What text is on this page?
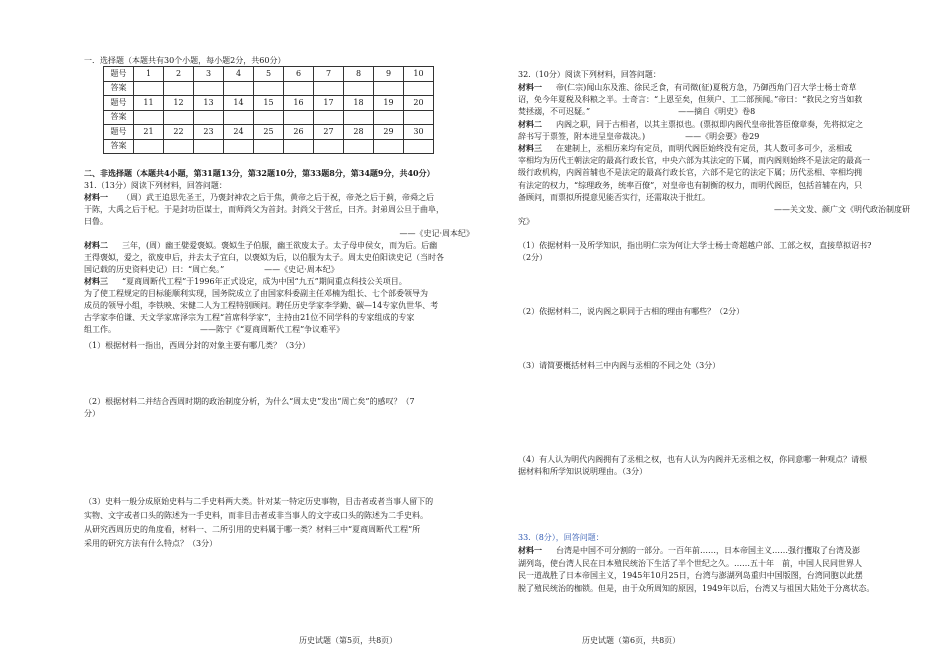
一．选择题（本题共有30个小题，每小题2分，共60分）
题号	1	2	3	4	5	6	7	8	9	10
答案										
题号	11	12	13	14	15	16	17	18	19	20
答案										
题号	21	22	23	24	25	26	27	28	29	30
答案										
二、非选择题（本题共4小题，第31题13分，第32题10分，第33题8分，第34题9分，共40分）
31.（13分）阅读下列材料，回答问题：
材料一 （周）武王追思先圣王，乃褒封神农之后于焦，黄帝之后于祝，帝尧之后于蓟，帝舜之后
于陈，大禹之后于杞。于是封功臣谋士，而师尚父为首封。封尚父于营丘，曰齐。封弟周公旦于曲阜，
曰鲁。
——《史记·周本纪》
材料二 三年，(周）幽王嬖爱褒姒。褒姒生子伯服，幽王欲废太子。太子母申侯女，而为后。后幽
王得褒姒，爱之，欲废申后，并去太子宜臼，以褒姒为后，以伯服为太子。周太史伯阳读史记（当时各
国记载的历史资料史记）曰：“周亡矣。”　　　　　——《史记·周本纪》
材料三 “夏商周断代工程”于1996年正式设定，成为中国“九五”期间重点科技公关项目。
为了使工程规定的目标能顺利实现，国务院成立了由国家科委副主任邓楠为组长、七个部委领导为
成员的领导小组，李铁映、宋健二人为工程特别顾问。聘任历史学家李学勤、碳—14专家仇世华、考
古学家李伯谦、天文学家席泽宗为工程“首席科学家”，主持由21位不同学科的专家组成的专家
组工作。　　　　　　　　　　　——陈宁《“夏商周断代工程”争议难平》
（1）根据材料一指出，西周分封的对象主要有哪几类？（3分）
（2）根据材料二并结合西周时期的政治制度分析，为什么“周太史”发出“周亡矣”的感叹？（7
分）
（3）史料一般分成原始史料与二手史料两大类。针对某一特定历史事物，目击者或者当事人留下的
实物、文字或者口头的陈述为一手史料，而非目击者或非当事人的文字或口头的陈述为二手史料。
从研究西周历史的角度看，材料一、二所引用的史料属于哪一类？材料三中“夏商周断代工程”所
采用的研究方法有什么特点？（3分）
历史试题（第5页，共8页）
32.（10分）阅读下列材料，回答问题：
材料一 帝(仁宗)闻山东及淮、徐民乏食，有司徵(征)夏税方急，乃御西角门召大学士杨士奇草
诏，免今年夏税及科粮之半。士奇言：“上恩至矣，但须户、工二部预闻。”帝曰：“救民之穷当如救
焚拯溺，不可迟疑。”　　　　　　　　　　　——摘自《明史》卷8
材料二 内阁之职，同于古相者，以其主票拟也。(票拟即内阁代皇帝批答臣僚章奏，先将拟定之
辞书写于票签，附本进呈皇帝裁决。)　　　　　——《明会要》卷29
材料三 在建制上，丞相历来均有定员，而明代阁臣始终没有定员，其人数可多可少，丞相或
宰相均为历代王朝法定的最高行政长官，中央六部为其法定的下属，而内阁则始终不是法定的最高一
级行政机构，内阁首辅也不是法定的最高行政长官，六部不是它的法定下属；历代丞相、宰相均拥
有法定的权力，“综理政务，统率百僚”，对皇帝也有制衡的权力，而明代阁臣，包括首辅在内，只
备顾问，而票拟所提意见能否实行，还需取决于批红。
——关文发、颜广文《明代政治制度研
究》
（1）依据材料一及所学知识，指出明仁宗为何让大学士杨士奇超越户部、工部之权，直接草拟诏书?
（2分）
（2）依据材料二，说内阁之职同于古相的理由有哪些？（2分）
（3）请简要概括材料三中内阁与丞相的不同之处（3分）
（4）有人认为明代内阁拥有了丞相之权，也有人认为内阁并无丞相之权，你同意哪一种观点？请根
据材料和所学知识说明理由。（3分）
33.（8分），回答问题：
材料一 台湾是中国不可分割的一部分。一百年前……，日本帝国主义……强行攫取了台湾及澎
湖列岛，使台湾人民在日本殖民统治下生活了半个世纪之久。……五十年　前，中国人民同世界人
民一道战胜了日本帝国主义，1945年10月25日，台湾与澎湖列岛重归中国版图，台湾同胞以此摆
脱了殖民统治的枷锁。但是，由于众所周知的原因，1949年以后，台湾又与祖国大陆处于分离状态。
历史试题（第6页，共8页）
